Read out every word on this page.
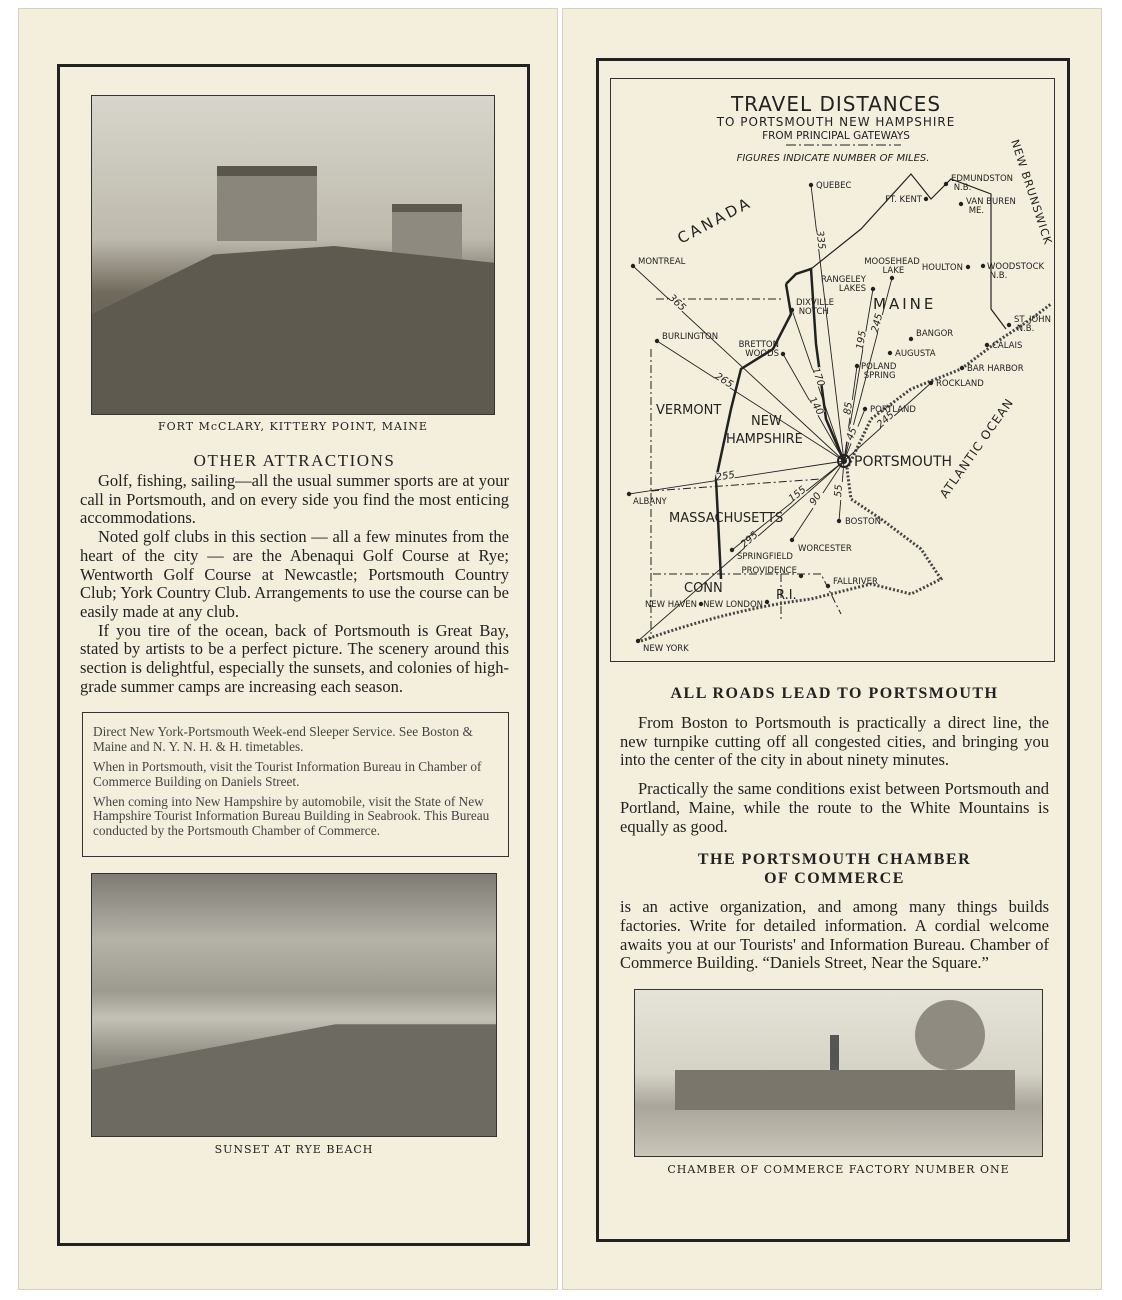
FORT McCLARY, KITTERY POINT, MAINE
OTHER ATTRACTIONS

Golf, fishing, sailing—all the usual summer sports are at your call in Portsmouth, and on every side you find the most enticing accommodations.

Noted golf clubs in this section — all a few minutes from the heart of the city — are the Abenaqui Golf Course at Rye; Wentworth Golf Course at Newcastle; Portsmouth Country Club; York Country Club. Arrangements to use the course can be easily made at any club.

If you tire of the ocean, back of Portsmouth is Great Bay, stated by artists to be a perfect picture. The scenery around this section is delightful, especially the sunsets, and colonies of high-grade summer camps are increasing each season.

Direct New York-Portsmouth Week-end Sleeper Service. See Boston & Maine and N. Y. N. H. & H. timetables.

When in Portsmouth, visit the Tourist Information Bureau in Chamber of Commerce Building on Daniels Street.

When coming into New Hampshire by automobile, visit the State of New Hampshire Tourist Information Bureau Building in Seabrook. This Bureau conducted by the Portsmouth Chamber of Commerce.

SUNSET AT RYE BEACH
TRAVEL DISTANCES
TO PORTSMOUTH NEW HAMPSHIRE
FROM PRINCIPAL GATEWAYS
FIGURES INDICATE NUMBER OF MILES.
CANADA	NEW BRUNSWICK
MAINE
ATLANTIC OCEAN
VERMONT
NEW
HAMPSHIRE
MASSACHUSETTS
CONN	R.I.
335
365
265	170
140 85
195
245
45
245
255
295
155 90 55
QUEBEC
MONTREAL
BURLINGTON
DIXVILLE NOTCH
BRETTON WOODS
POLAND SPRING
RANGELEY LAKES
MOOSEHEAD LAKE
AUGUSTA
BANGOR
PORTLAND
ALBANY
SPRINGFIELD
WORCESTER
BOSTON
PROVIDENCE
FALLRIVER
NEW HAVEN NEW LONDON
NEW YORK
EDMUNDSTON N.B.
FT. KENT	VAN BUREN ME.
HOULTON	WOODSTOCK N.B.
ST. JOHN N.B.
CALAIS
BAR HARBOR
ROCKLAND
PORTSMOUTH
ALL ROADS LEAD TO PORTSMOUTH

From Boston to Portsmouth is practically a direct line, the new turnpike cutting off all congested cities, and bringing you into the center of the city in about ninety minutes.

Practically the same conditions exist between Portsmouth and Portland, Maine, while the route to the White Mountains is equally as good.

THE PORTSMOUTH CHAMBER
OF COMMERCE

is an active organization, and among many things builds factories. Write for detailed information. A cordial welcome awaits you at our Tourists' and Information Bureau. Chamber of Commerce Building. “Daniels Street, Near the Square.”

CHAMBER OF COMMERCE FACTORY NUMBER ONE
